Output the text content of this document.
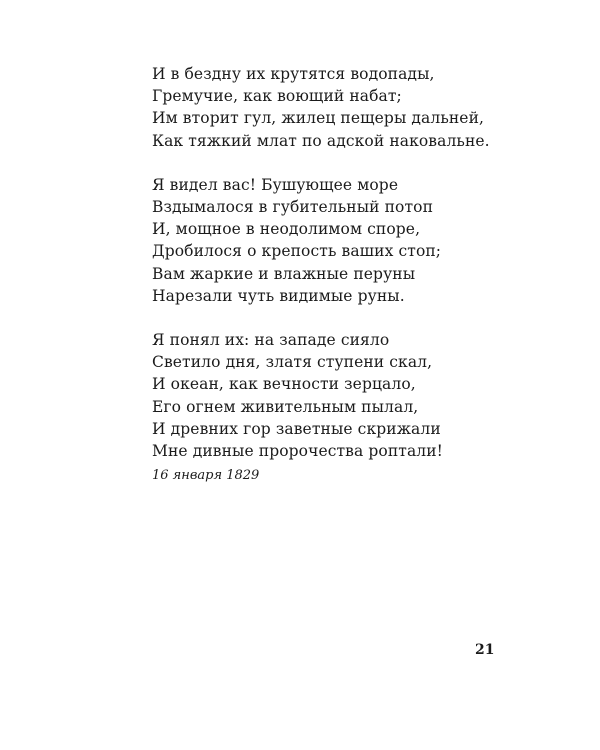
И в бездну их крутятся водопады,
Гремучие, как воющий набат;
Им вторит гул, жилец пещеры дальней,
Как тяжкий млат по адской наковальне.
Я видел вас! Бушующее море
Вздымалося в губительный потоп
И, мощное в неодолимом споре,
Дробилося о крепость ваших стоп;
Вам жаркие и влажные перуны
Нарезали чуть видимые руны.
Я понял их: на западе сияло
Светило дня, златя ступени скал,
И океан, как вечности зерцало,
Его огнем живительным пылал,
И древних гор заветные скрижали
Мне дивные пророчества роптали!
16 января 1829
21
